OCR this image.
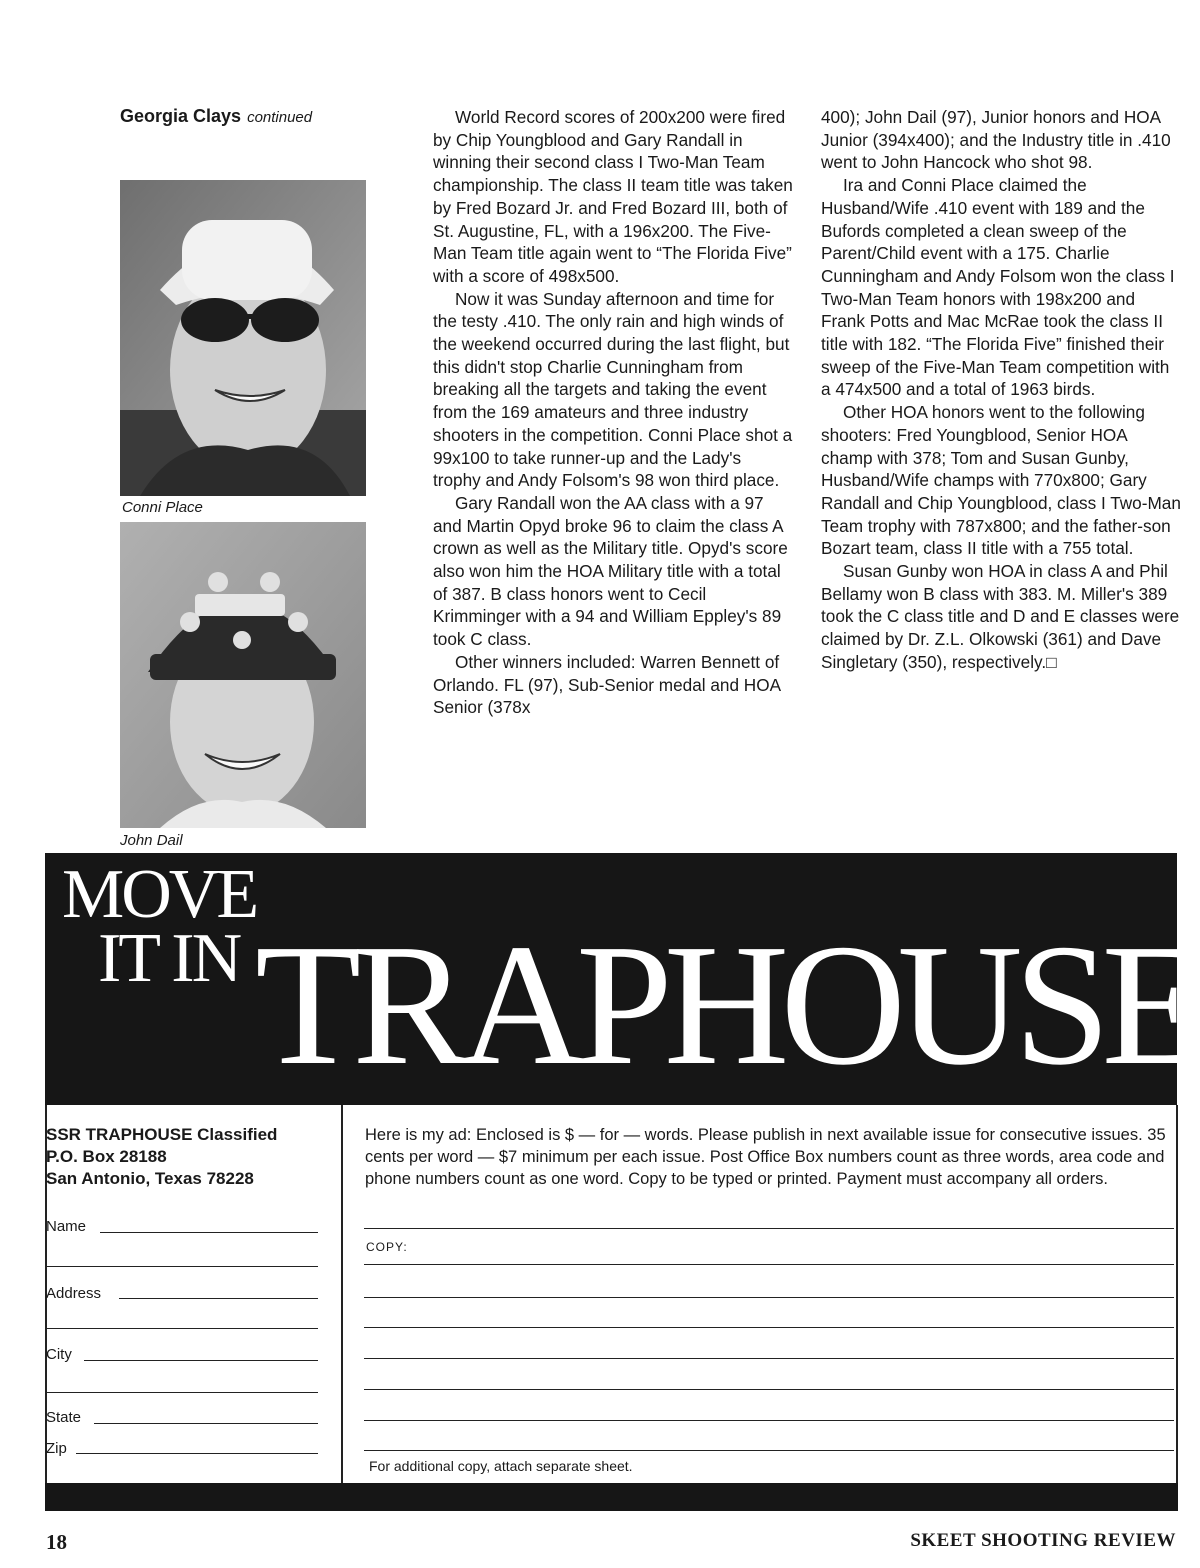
Georgia Clays continued
Conni Place
John Dail

World Record scores of 200x200 were fired by Chip Youngblood and Gary Randall in winning their second class I Two-Man Team championship. The class II team title was taken by Fred Bozard Jr. and Fred Bozard III, both of St. Augustine, FL, with a 196x200. The Five-Man Team title again went to “The Florida Five” with a score of 498x500.

Now it was Sunday afternoon and time for the testy .410. The only rain and high winds of the weekend occurred during the last flight, but this didn't stop Charlie Cunningham from breaking all the targets and taking the event from the 169 amateurs and three industry shooters in the competition. Conni Place shot a 99x100 to take runner-up and the Lady's trophy and Andy Folsom's 98 won third place.

Gary Randall won the AA class with a 97 and Martin Opyd broke 96 to claim the class A crown as well as the Military title. Opyd's score also won him the HOA Military title with a total of 387. B class honors went to Cecil Krimminger with a 94 and William Eppley's 89 took C class.

Other winners included: Warren Bennett of Orlando. FL (97), Sub-Senior medal and HOA Senior (378x

400); John Dail (97), Junior honors and HOA Junior (394x400); and the Industry title in .410 went to John Hancock who shot 98.

Ira and Conni Place claimed the Husband/Wife .410 event with 189 and the Bufords completed a clean sweep of the Parent/Child event with a 175. Charlie Cunningham and Andy Folsom won the class I Two-Man Team honors with 198x200 and Frank Potts and Mac McRae took the class II title with 182. “The Florida Five” finished their sweep of the Five-Man Team competition with a 474x500 and a total of 1963 birds.

Other HOA honors went to the following shooters: Fred Youngblood, Senior HOA champ with 378; Tom and Susan Gunby, Husband/Wife champs with 770x800; Gary Randall and Chip Youngblood, class I Two-Man Team trophy with 787x800; and the father-son Bozart team, class II title with a 755 total.

Susan Gunby won HOA in class A and Phil Bellamy won B class with 383. M. Miller's 389 took the C class title and D and E classes were claimed by Dr. Z.L. Olkowski (361) and Dave Singletary (350), respectively.□

MOVE
IT IN TRAPHOUSE
SSR TRAPHOUSE Classified
P.O. Box 28188
San Antonio, Texas 78228
Name
Address
City
State
Zip
Here is my ad: Enclosed is $ — for — words. Please publish in next available issue for consecutive issues. 35 cents per word — $7 minimum per each issue. Post Office Box numbers count as three words, area code and phone numbers count as one word. Copy to be typed or printed. Payment must accompany all orders.
COPY:
For additional copy, attach separate sheet.
18	SKEET SHOOTING REVIEW
